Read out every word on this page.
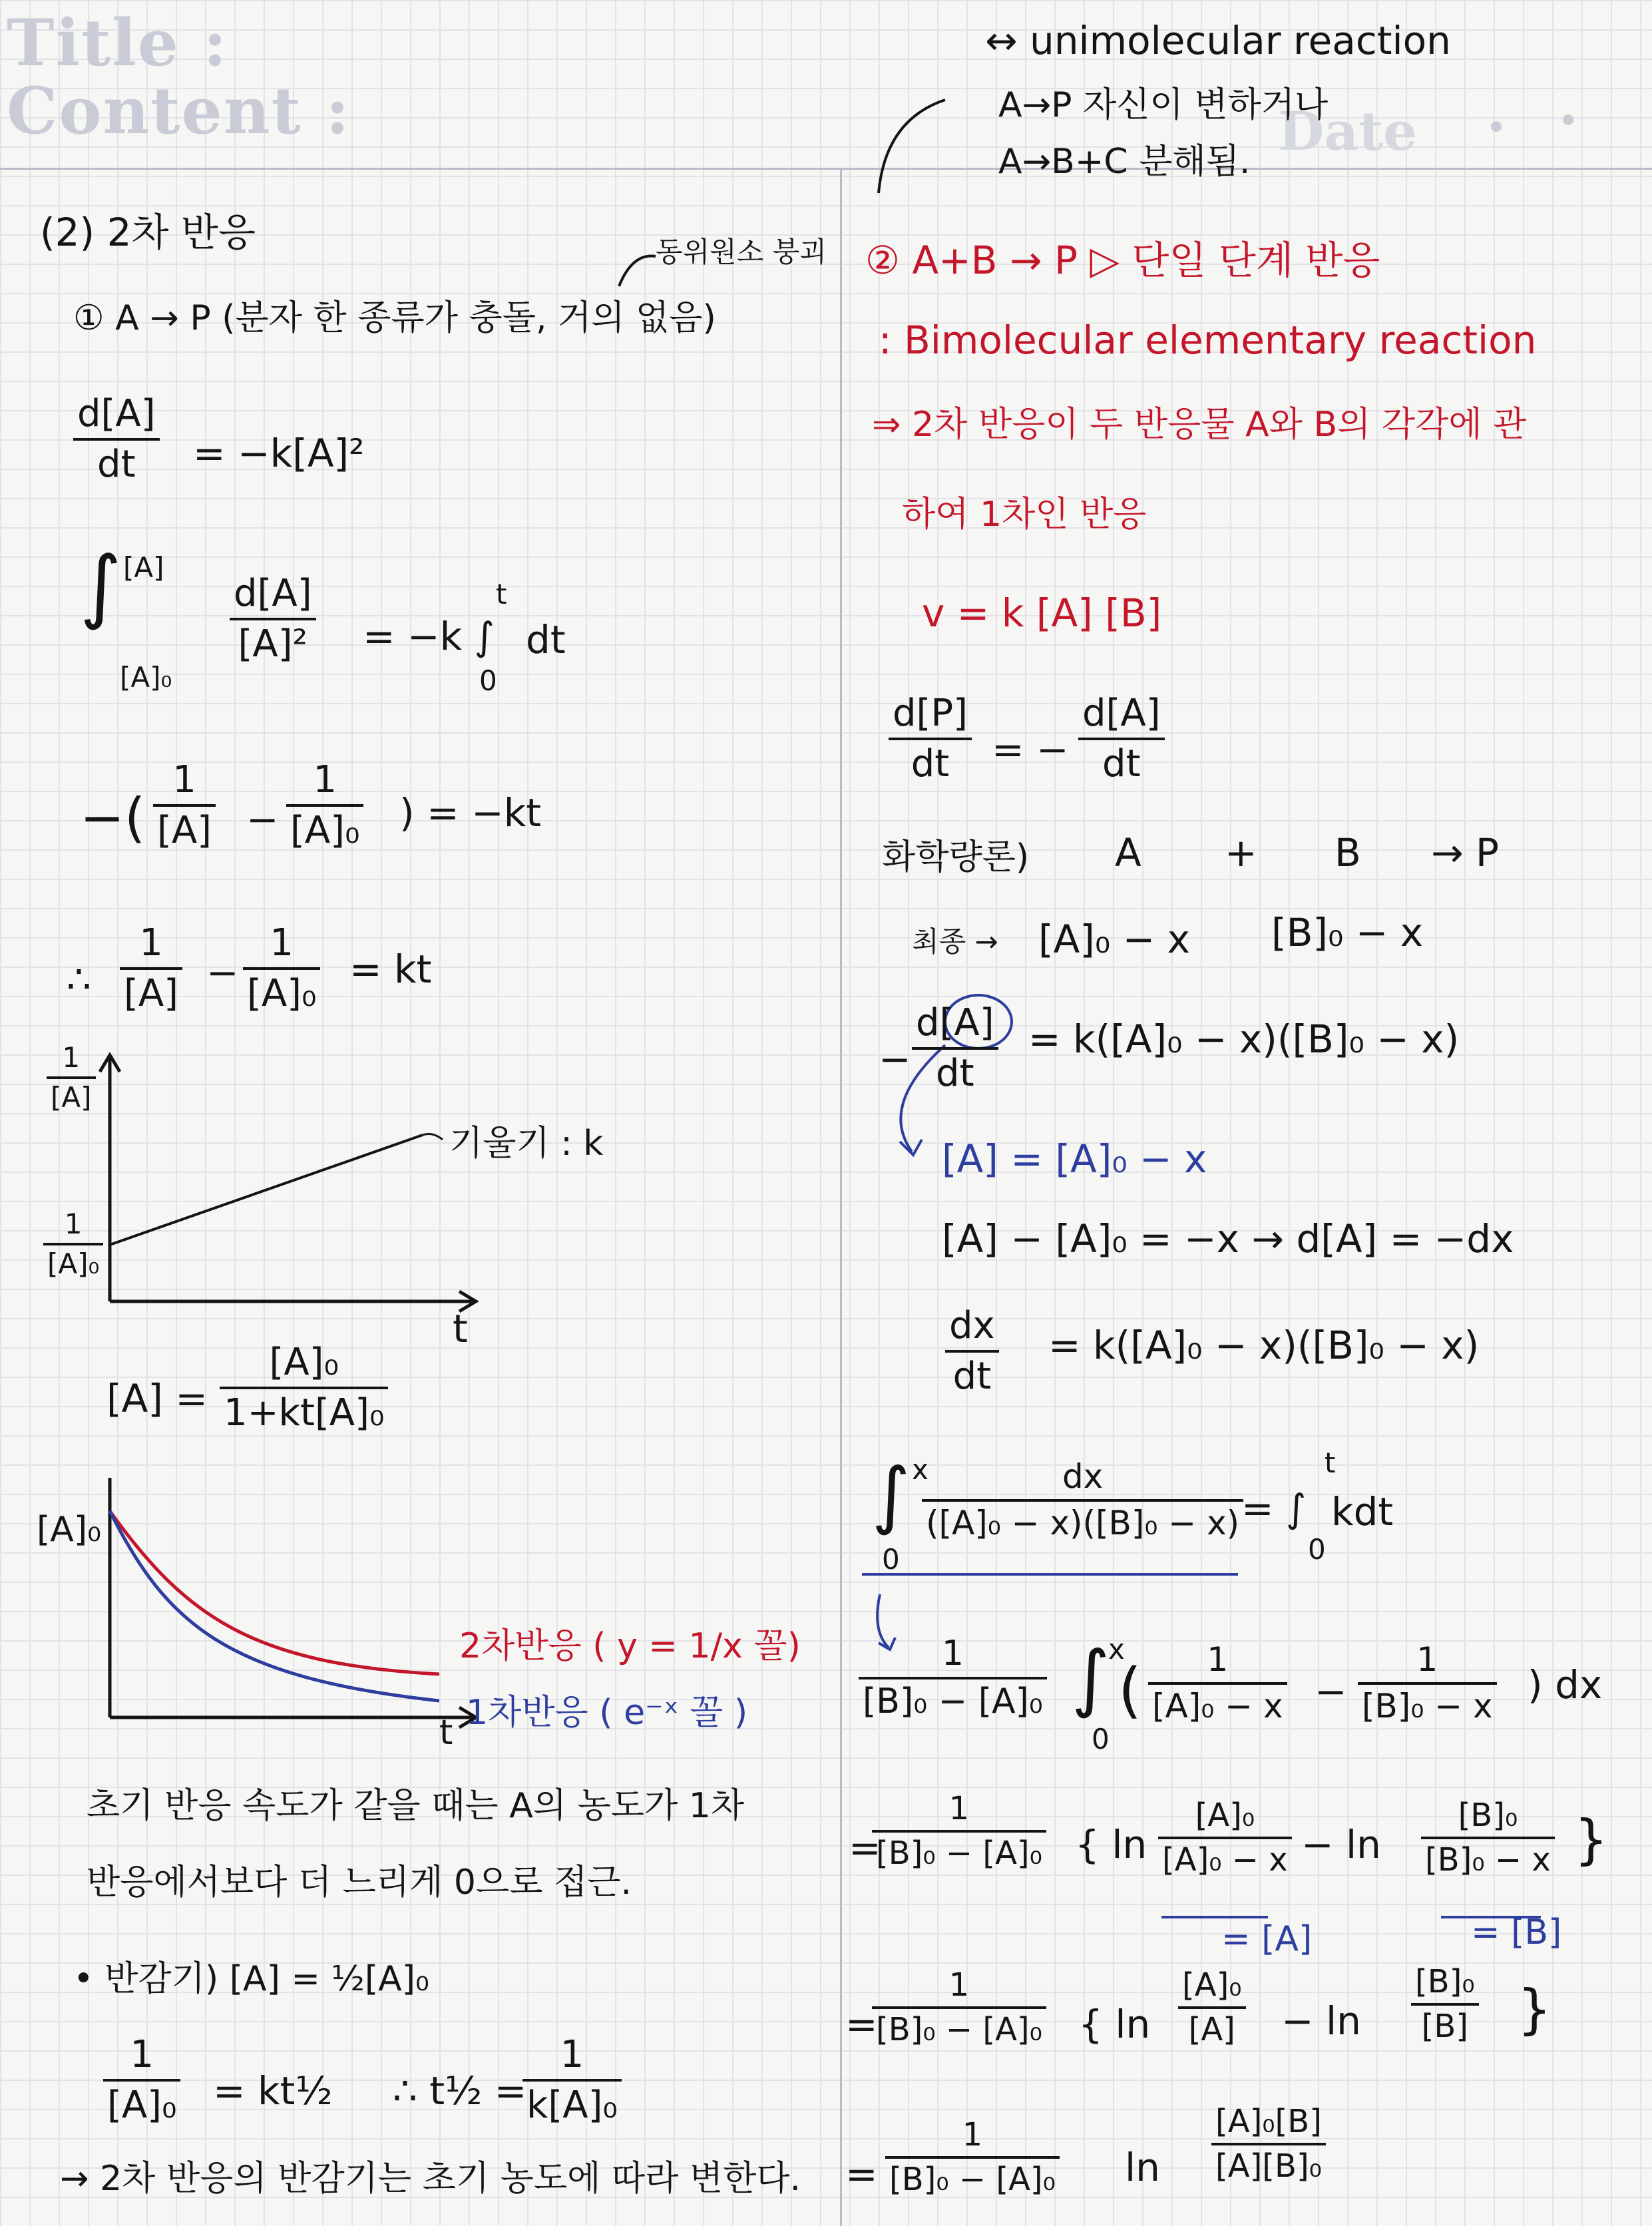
Title :
Content :	Date
(2) 2차 반응	동위원소 붕괴
① A → P (분자 한 종류가 충돌, 거의 없음)
$\frac{d[A]}{dt} = -k[A]^2$
∫ [A]
[A]₀
$\frac{d[A]}{\text{[A]²}} = -k$ ∫
t
0
dt
−( $\frac{1}{[A]} - \frac{1}{\text{[A]₀}}$ ) = −kt
∴ $\frac{1}{[A]} - \frac{1}{\text{[A]₀}}$ = kt
$\frac{1}{[A]}$
$\frac{1}{\text{[A]₀}}$
t
기울기 : k
$[A] = \frac{\text{[A]₀}}{\text{1+kt[A]₀}}$
[A]₀
t
2차반응 ( y = 1/x 꼴)
1차반응 ( e⁻ˣ 꼴 )
초기 반응 속도가 같을 때는 A의 농도가 1차
반응에서보다 더 느리게 0으로 접근.
• 반감기) [A] = ½[A]₀
$\frac{1}{\text{[A]₀}}$ = kt½ ∴ t½ =
$\frac{1}{\text{k[A]₀}}$
→ 2차 반응의 반감기는 초기 농도에 따라 변한다.
↔ unimolecular reaction
A→P 자신이 변하거나
A→B+C 분해됨.
② A+B → P ▷ 단일 단계 반응
: Bimolecular elementary reaction
⇒ 2차 반응이 두 반응물 A와 B의 각각에 관
하여 1차인 반응
v = k [A] [B]
$\frac{d[P]}{dt}$ = − $\frac{d[A]}{dt}$
화학량론) A + B → P
최종 → [A]₀ − x [B]₀ − x
− $\frac{d[A]}{dt} = k([A]_0 - x)([B]_0 - x)$
[A] = [A]₀ − x
[A] − [A]₀ = −x → d[A] = −dx
$\frac{dx}{dt} = k([A]_0 - x)([B]_0 - x)$
∫ x
0
$\frac{dx}{\text{([A]₀ − x)([B]₀ − x)}}$
= ∫
t
0
kdt
$\frac{1}{\text{[B]₀ − [A]₀}}$ ∫
x
0
( $\frac{1}{\text{[A]₀ − x}} - \frac{1}{\text{[B]₀ − x}}$ ) dx
=
$\frac{1}{\text{[B]₀ − [A]₀}}$ { $\ln \frac{\text{[A]₀}}{\text{[A]₀ − x}} - \ln \frac{\text{[B]₀}}{\text{[B]₀ − x}}$ }
= [A]	= [B]
=
$\frac{1}{\text{[B]₀ − [A]₀}}$ { $\ln \frac{\text{[A]₀}}{[A]} - \ln \frac{\text{[B]₀}}{[B]}$ }
= $\frac{1}{\text{[B]₀ − [A]₀}}$ $\ln \frac{\text{[A]₀[B]}}{\text{[A][B]₀}}$
